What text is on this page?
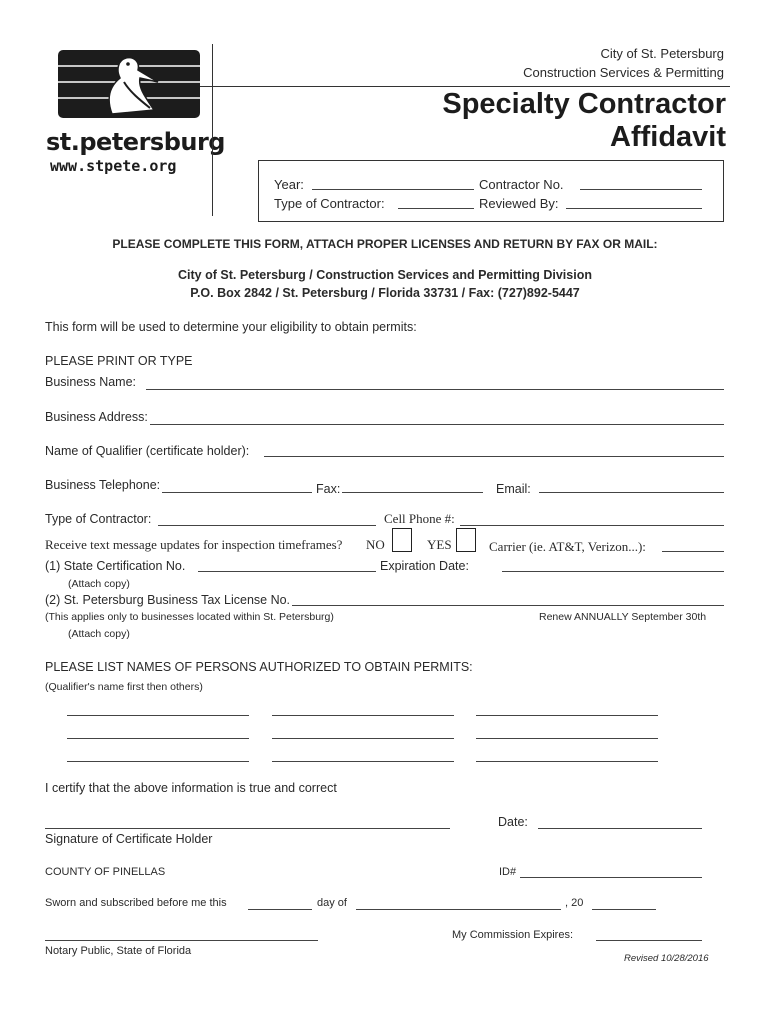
st.petersburg
www.stpete.org
City of St. Petersburg
Construction Services & Permitting
Specialty Contractor
Affidavit
Year:	Contractor No.
Type of Contractor:	Reviewed By:
PLEASE COMPLETE THIS FORM, ATTACH PROPER LICENSES AND RETURN BY FAX OR MAIL:
City of St. Petersburg / Construction Services and Permitting Division
P.O. Box 2842 / St. Petersburg / Florida 33731 / Fax: (727)892-5447
This form will be used to determine your eligibility to obtain permits:
PLEASE PRINT OR TYPE
Business Name:
Business Address:
Name of Qualifier (certificate holder):
Business Telephone:	Fax:	Email:
Type of Contractor:	Cell Phone #:
Receive text message updates for inspection timeframes? NO	YES	Carrier (ie. AT&T, Verizon...):
(1) State Certification No.	Expiration Date:
(Attach copy)
(2) St. Petersburg Business Tax License No.
(This applies only to businesses located within St. Petersburg)	Renew ANNUALLY September 30th
(Attach copy)
PLEASE LIST NAMES OF PERSONS AUTHORIZED TO OBTAIN PERMITS:
(Qualifier's name first then others)
I certify that the above information is true and correct
Date:
Signature of Certificate Holder
COUNTY OF PINELLAS	ID#
Sworn and subscribed before me this	day of	, 20
My Commission Expires:
Notary Public, State of Florida
Revised 10/28/2016
